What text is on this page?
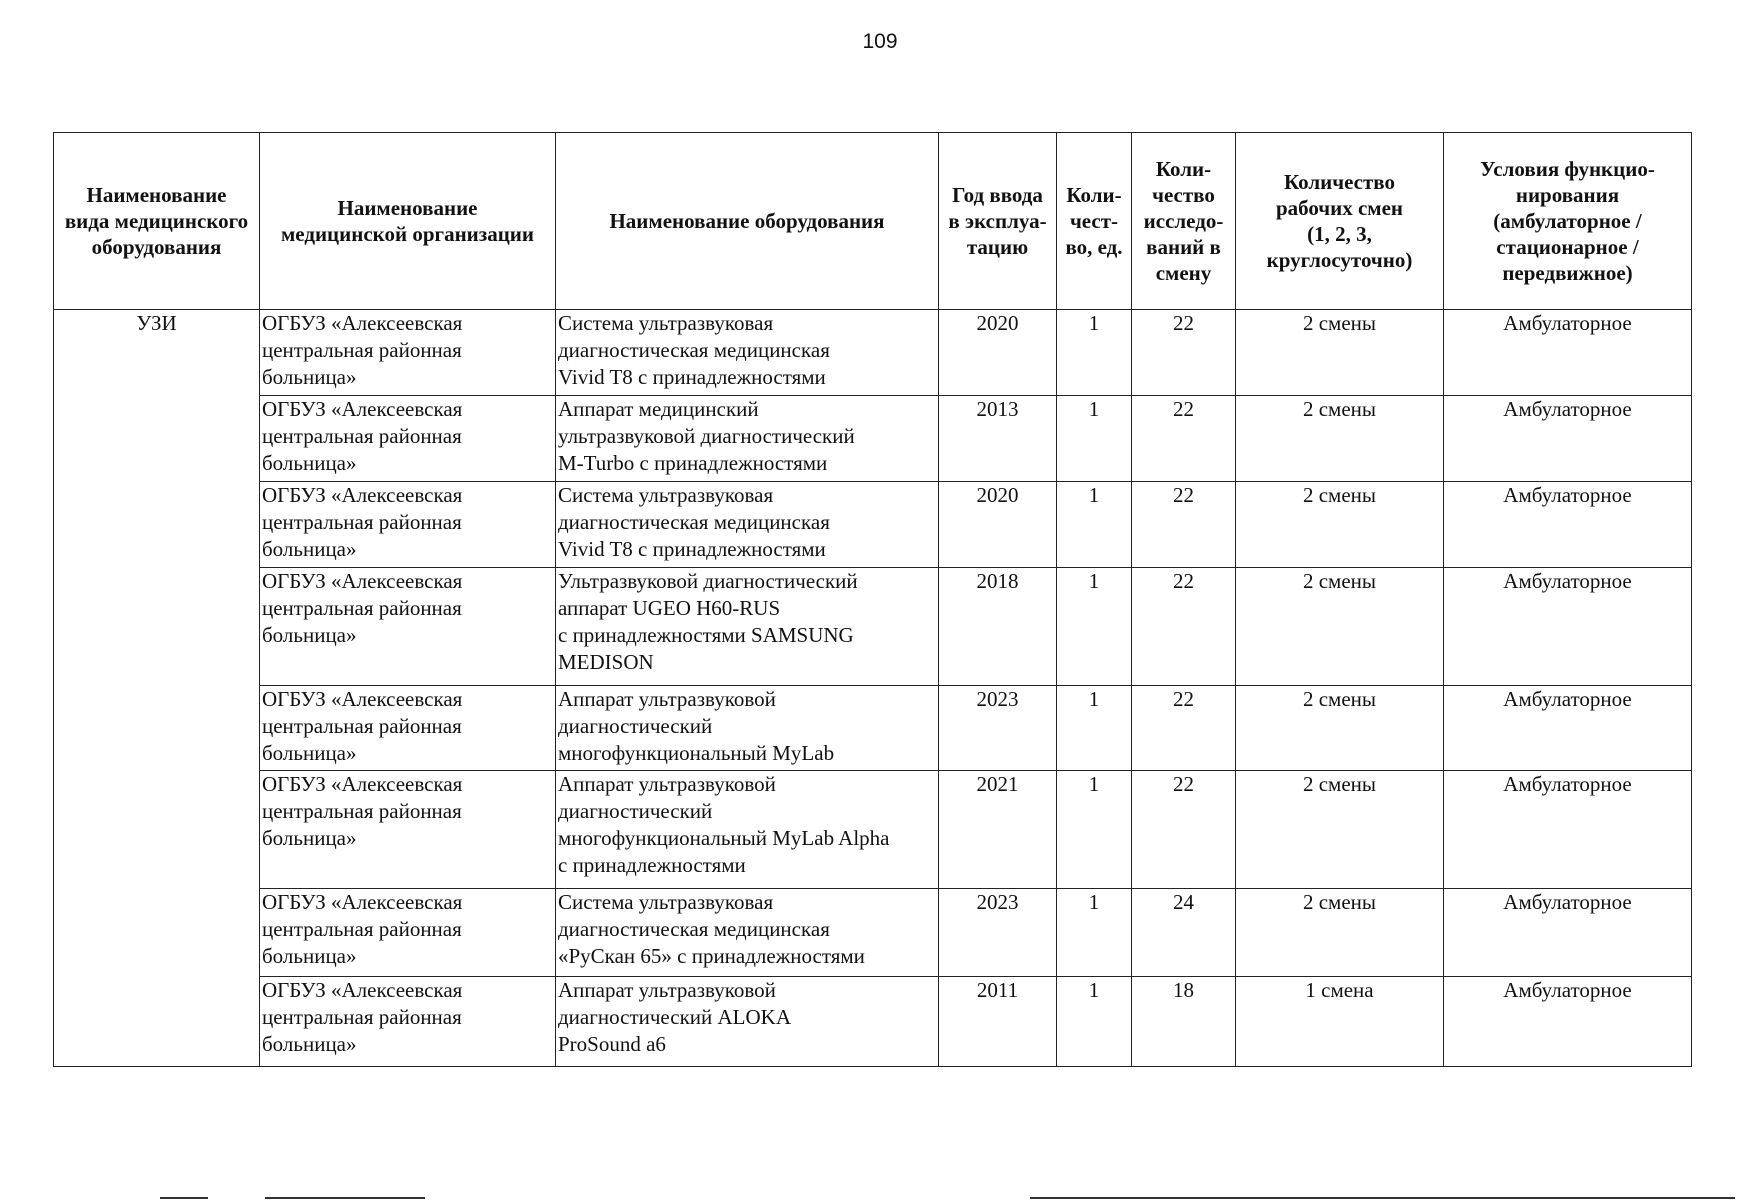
109
Наименование
вида медицинского
оборудования	Наименование
медицинской организации	Наименование оборудования	Год ввода
в эксплуа-
тацию	Коли-
чест-
во, ед.	Коли-
чество
исследо-
ваний в
смену	Количество
рабочих смен
(1, 2, 3,
круглосуточно)	Условия функцио-
нирования
(амбулаторное /
стационарное /
передвижное)

УЗИ	ОГБУЗ «Алексеевская
центральная районная
больница»	Система ультразвуковая
диагностическая медицинская
Vivid T8 с принадлежностями	2020	1	22	2 смены	Амбулаторное

	ОГБУЗ «Алексеевская
центральная районная
больница»	Аппарат медицинский
ультразвуковой диагностический
M-Turbo с принадлежностями	2013	1	22	2 смены	Амбулаторное

	ОГБУЗ «Алексеевская
центральная районная
больница»	Система ультразвуковая
диагностическая медицинская
Vivid T8 с принадлежностями	2020	1	22	2 смены	Амбулаторное

	ОГБУЗ «Алексеевская
центральная районная
больница»	Ультразвуковой диагностический
аппарат UGEO H60-RUS
с принадлежностями SAMSUNG
MEDISON	2018	1	22	2 смены	Амбулаторное

	ОГБУЗ «Алексеевская
центральная районная
больница»	Аппарат ультразвуковой
диагностический
многофункциональный MyLab	2023	1	22	2 смены	Амбулаторное

	ОГБУЗ «Алексеевская
центральная районная
больница»	Аппарат ультразвуковой
диагностический
многофункциональный MyLab Alpha
с принадлежностями	2021	1	22	2 смены	Амбулаторное

	ОГБУЗ «Алексеевская
центральная районная
больница»	Система ультразвуковая
диагностическая медицинская
«РуСкан 65» с принадлежностями	2023	1	24	2 смены	Амбулаторное

	ОГБУЗ «Алексеевская
центральная районная
больница»	Аппарат ультразвуковой
диагностический ALOKA
ProSound a6	2011	1	18	1 смена	Амбулаторное
